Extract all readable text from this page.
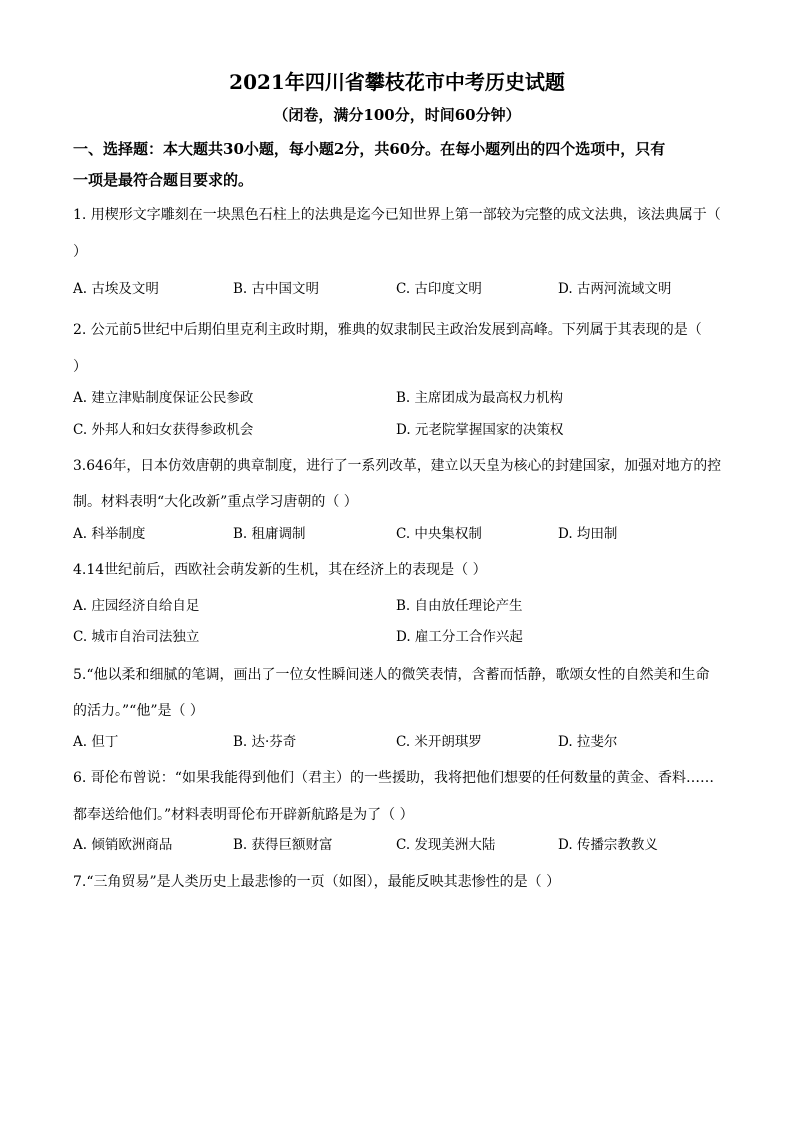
2021年四川省攀枝花市中考历史试题
（闭卷，满分100分，时间60分钟）
一、选择题：本大题共30小题，每小题2分，共60分。在每小题列出的四个选项中，只有
一项是最符合题目要求的。
1. 用楔形文字雕刻在一块黑色石柱上的法典是迄今已知世界上第一部较为完整的成文法典，该法典属于（
）
A. 古埃及文明	B. 古中国文明	C. 古印度文明	D. 古两河流域文明
2. 公元前5世纪中后期伯里克利主政时期，雅典的奴隶制民主政治发展到高峰。下列属于其表现的是（
）
A. 建立津贴制度保证公民参政	B. 主席团成为最高权力机构
C. 外邦人和妇女获得参政机会	D. 元老院掌握国家的决策权
3.646年，日本仿效唐朝的典章制度，进行了一系列改革，建立以天皇为核心的封建国家，加强对地方的控
制。材料表明“大化改新”重点学习唐朝的（ ）
A. 科举制度	B. 租庸调制	C. 中央集权制	D. 均田制
4.14世纪前后，西欧社会萌发新的生机，其在经济上的表现是（ ）
A. 庄园经济自给自足	B. 自由放任理论产生
C. 城市自治司法独立	D. 雇工分工合作兴起
5.“他以柔和细腻的笔调，画出了一位女性瞬间迷人的微笑表情，含蓄而恬静，歌颂女性的自然美和生命
的活力。”“他”是（ ）
A. 但丁	B. 达·芬奇	C. 米开朗琪罗	D. 拉斐尔
6. 哥伦布曾说：“如果我能得到他们（君主）的一些援助，我将把他们想要的任何数量的黄金、香料……
都奉送给他们。”材料表明哥伦布开辟新航路是为了（ ）
A. 倾销欧洲商品	B. 获得巨额财富	C. 发现美洲大陆	D. 传播宗教教义
7.“三角贸易”是人类历史上最悲惨的一页（如图），最能反映其悲惨性的是（ ）
